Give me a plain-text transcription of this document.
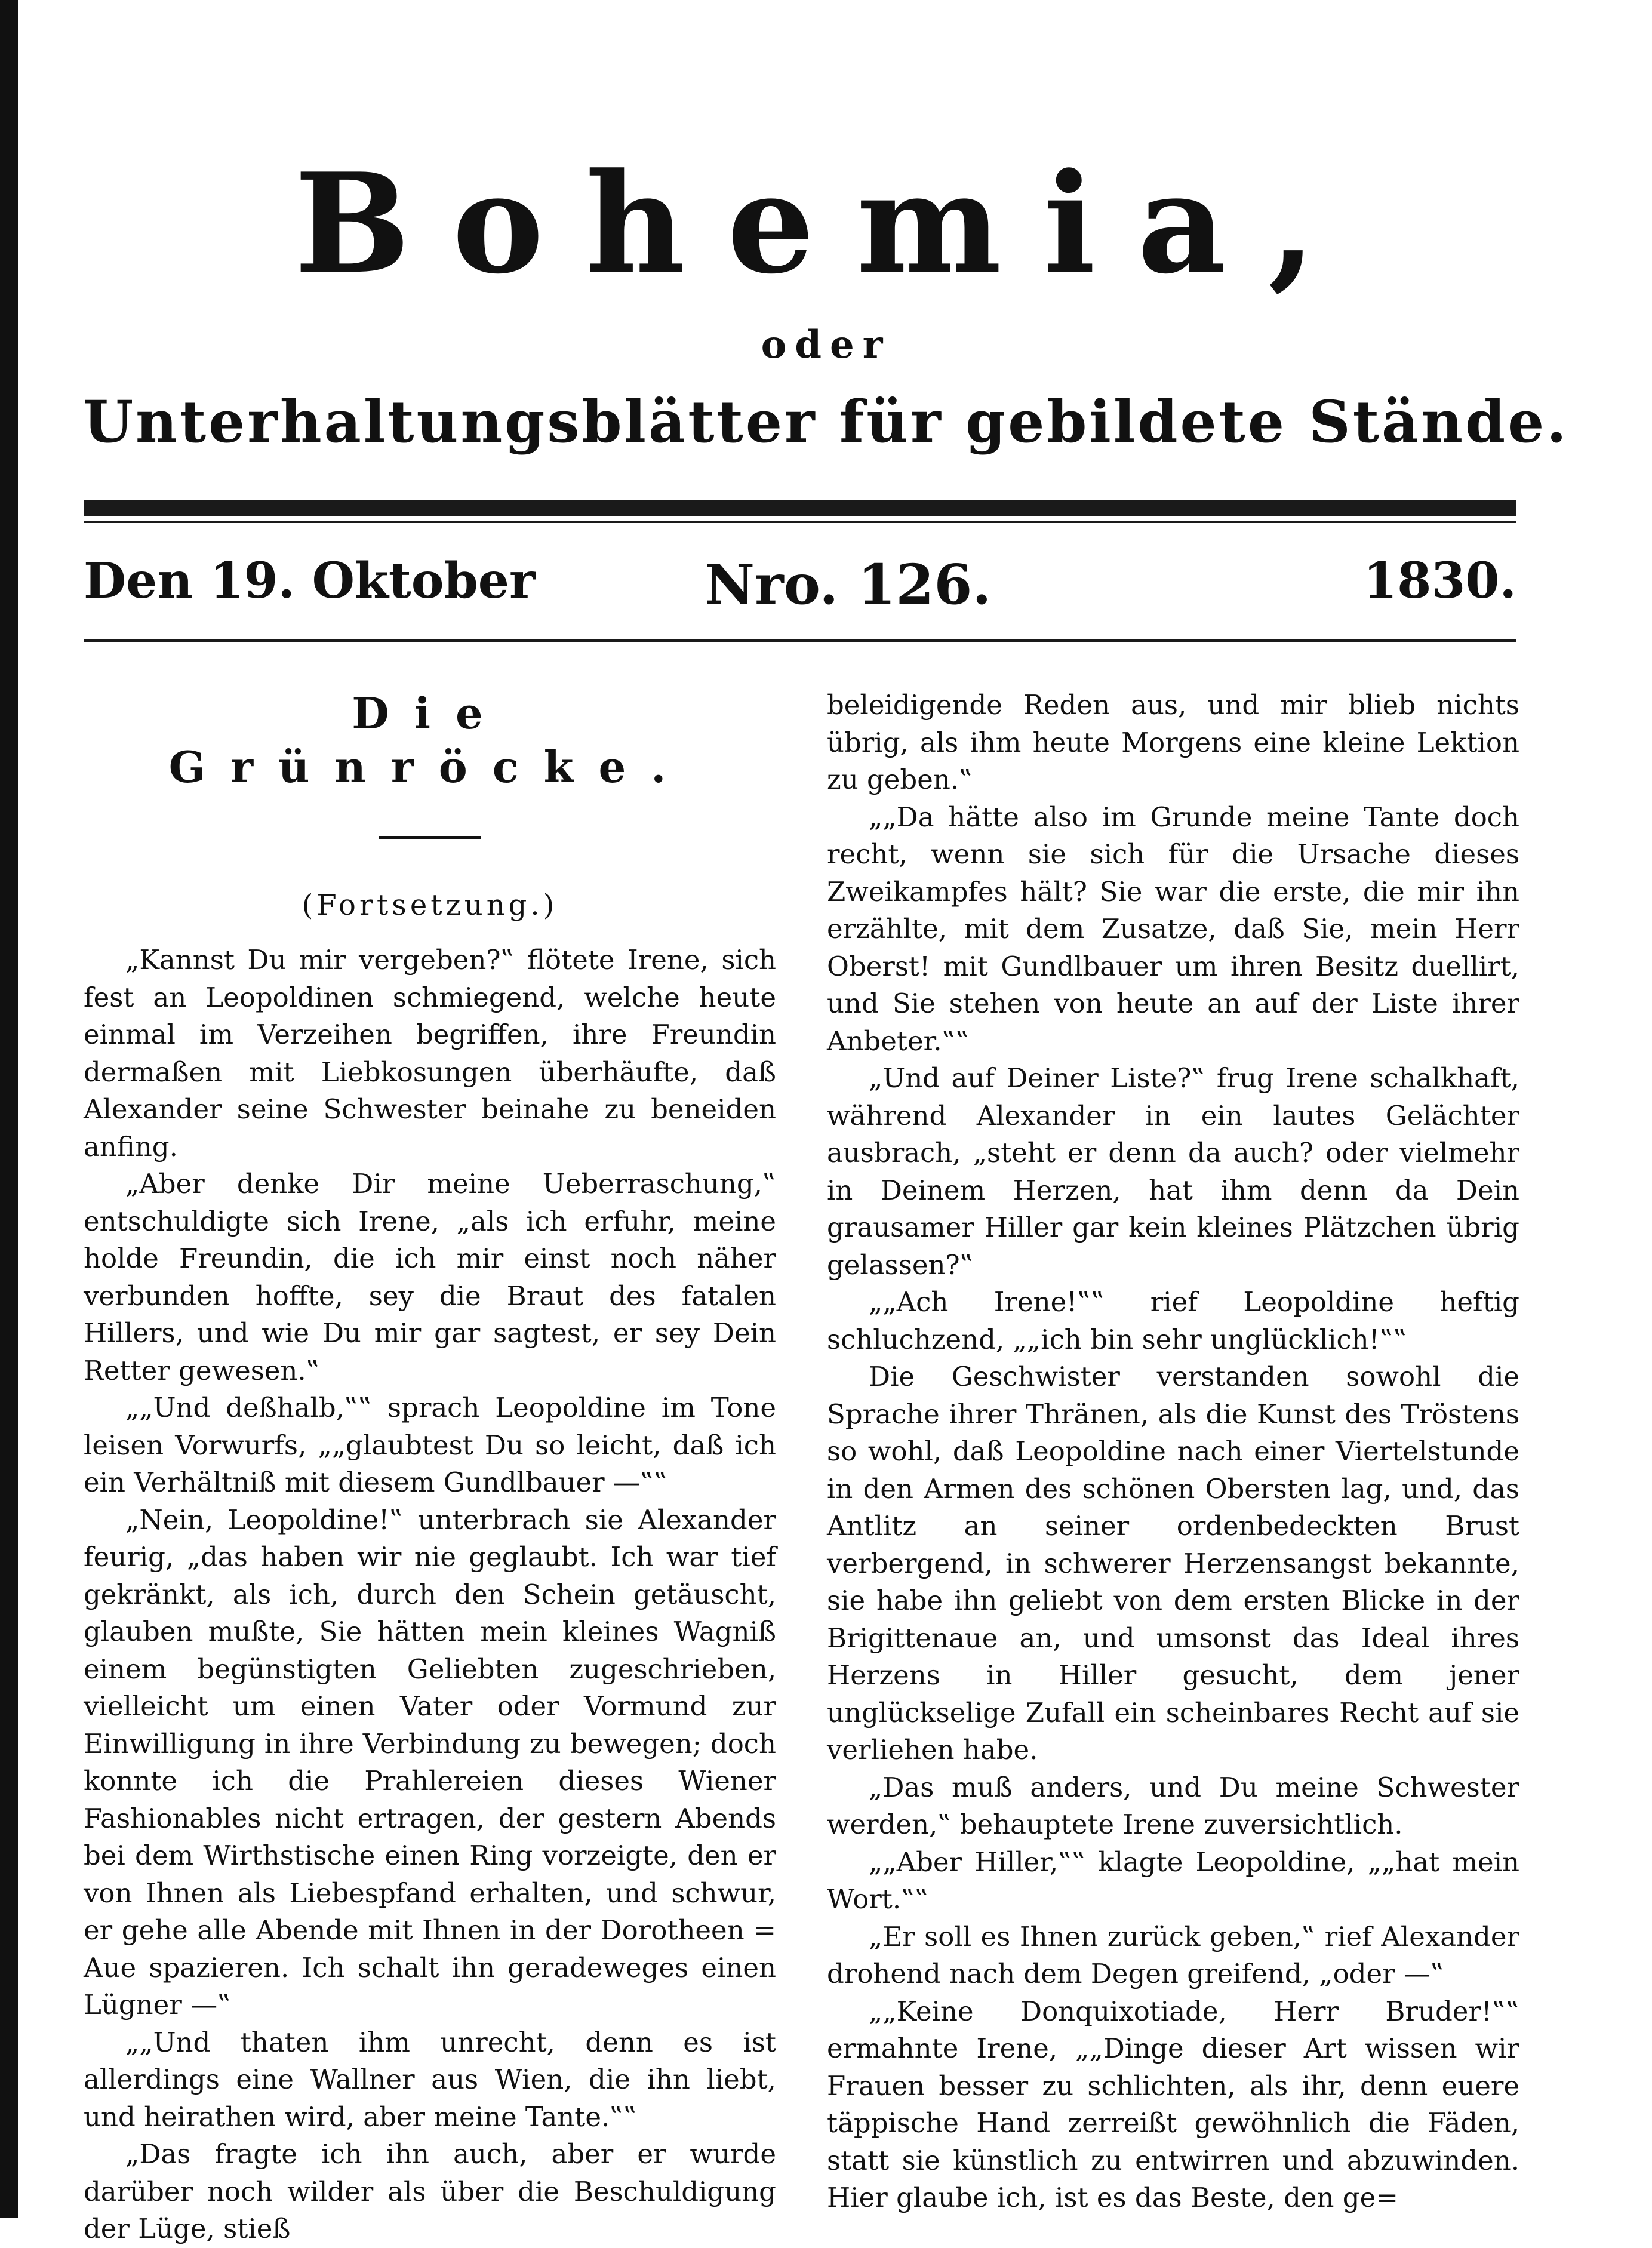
Bohemia,
oder
Unterhaltungsblätter für gebildete Stände.
Den 19. Oktober	Nro. 126.	1830.
Die Grünröcke.
(Fortsetzung.)

„Kannst Du mir vergeben?‟ flötete Irene, sich fest an Leopoldinen schmiegend, welche heute einmal im Verzeihen begriffen, ihre Freundin dermaßen mit Liebkosungen überhäufte, daß Alexander seine Schwester beinahe zu beneiden anfing.

„Aber denke Dir meine Ueberraschung,‟ entschuldigte sich Irene, „als ich erfuhr, meine holde Freundin, die ich mir einst noch näher verbunden hoffte, sey die Braut des fatalen Hillers, und wie Du mir gar sagtest, er sey Dein Retter gewesen.‟

„„Und deßhalb,‟‟ sprach Leopoldine im Tone leisen Vorwurfs, „„glaubtest Du so leicht, daß ich ein Verhältniß mit diesem Gundlbauer —‟‟

„Nein, Leopoldine!‟ unterbrach sie Alexander feurig, „das haben wir nie geglaubt. Ich war tief gekränkt, als ich, durch den Schein getäuscht, glauben mußte, Sie hätten mein kleines Wagniß einem begünstigten Geliebten zugeschrieben, vielleicht um einen Vater oder Vormund zur Einwilligung in ihre Verbindung zu bewegen; doch konnte ich die Prahlereien dieses Wiener Fashionables nicht ertragen, der gestern Abends bei dem Wirthstische einen Ring vorzeigte, den er von Ihnen als Liebespfand erhalten, und schwur, er gehe alle Abende mit Ihnen in der Dorotheen = Aue spazieren. Ich schalt ihn geradeweges einen Lügner —‟

„„Und thaten ihm unrecht, denn es ist allerdings eine Wallner aus Wien, die ihn liebt, und heirathen wird, aber meine Tante.‟‟

„Das fragte ich ihn auch, aber er wurde darüber noch wilder als über die Beschuldigung der Lüge, stieß

beleidigende Reden aus, und mir blieb nichts übrig, als ihm heute Morgens eine kleine Lektion zu geben.‟

„„Da hätte also im Grunde meine Tante doch recht, wenn sie sich für die Ursache dieses Zweikampfes hält? Sie war die erste, die mir ihn erzählte, mit dem Zusatze, daß Sie, mein Herr Oberst! mit Gundlbauer um ihren Besitz duellirt, und Sie stehen von heute an auf der Liste ihrer Anbeter.‟‟

„Und auf Deiner Liste?‟ frug Irene schalkhaft, während Alexander in ein lautes Gelächter ausbrach, „steht er denn da auch? oder vielmehr in Deinem Herzen, hat ihm denn da Dein grausamer Hiller gar kein kleines Plätzchen übrig gelassen?‟

„„Ach Irene!‟‟ rief Leopoldine heftig schluchzend, „„ich bin sehr unglücklich!‟‟

Die Geschwister verstanden sowohl die Sprache ihrer Thränen, als die Kunst des Tröstens so wohl, daß Leopoldine nach einer Viertelstunde in den Armen des schönen Obersten lag, und, das Antlitz an seiner ordenbedeckten Brust verbergend, in schwerer Herzensangst bekannte, sie habe ihn geliebt von dem ersten Blicke in der Brigittenaue an, und umsonst das Ideal ihres Herzens in Hiller gesucht, dem jener unglückselige Zufall ein scheinbares Recht auf sie verliehen habe.

„Das muß anders, und Du meine Schwester werden,‟ behauptete Irene zuversichtlich.

„„Aber Hiller,‟‟ klagte Leopoldine, „„hat mein Wort.‟‟

„Er soll es Ihnen zurück geben,‟ rief Alexander drohend nach dem Degen greifend, „oder —‟

„„Keine Donquixotiade, Herr Bruder!‟‟ ermahnte Irene, „„Dinge dieser Art wissen wir Frauen besser zu schlichten, als ihr, denn euere täppische Hand zerreißt gewöhnlich die Fäden, statt sie künstlich zu entwirren und abzuwinden. Hier glaube ich, ist es das Beste, den ge=
